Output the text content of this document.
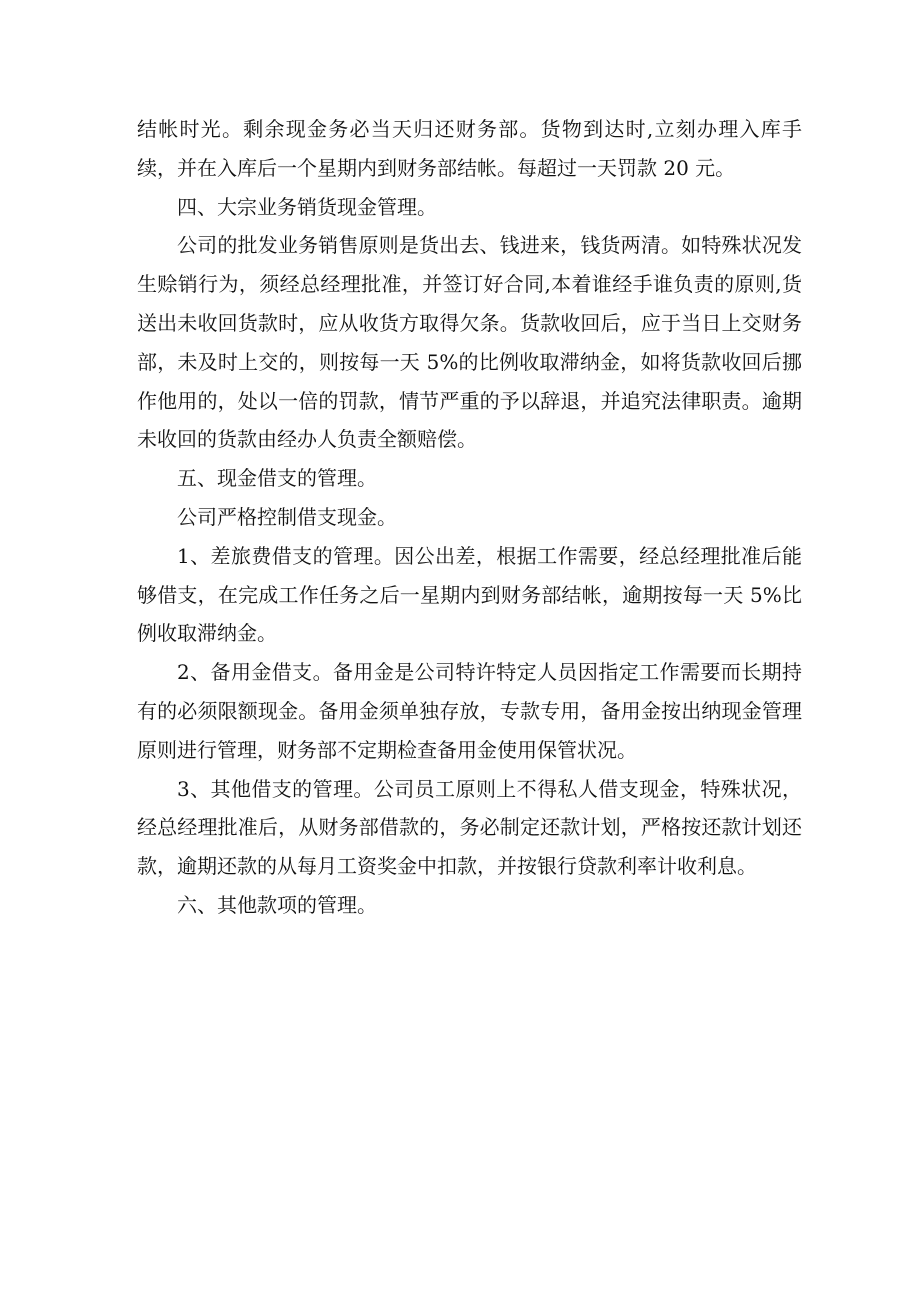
结帐时光。剩余现金务必当天归还财务部。货物到达时,立刻办理入库手续，并在入库后一个星期内到财务部结帐。每超过一天罚款 20 元。

四、大宗业务销货现金管理。

公司的批发业务销售原则是货出去、钱进来，钱货两清。如特殊状况发生赊销行为，须经总经理批准，并签订好合同,本着谁经手谁负责的原则,货送出未收回货款时，应从收货方取得欠条。货款收回后，应于当日上交财务部，未及时上交的，则按每一天 5%的比例收取滞纳金，如将货款收回后挪作他用的，处以一倍的罚款，情节严重的予以辞退，并追究法律职责。逾期未收回的货款由经办人负责全额赔偿。

五、现金借支的管理。

公司严格控制借支现金。

1、差旅费借支的管理。因公出差，根据工作需要，经总经理批准后能够借支，在完成工作任务之后一星期内到财务部结帐，逾期按每一天 5%比例收取滞纳金。

2、备用金借支。备用金是公司特许特定人员因指定工作需要而长期持有的必须限额现金。备用金须单独存放，专款专用，备用金按出纳现金管理原则进行管理，财务部不定期检查备用金使用保管状况。

3、其他借支的管理。公司员工原则上不得私人借支现金，特殊状况，经总经理批准后，从财务部借款的，务必制定还款计划，严格按还款计划还款，逾期还款的从每月工资奖金中扣款，并按银行贷款利率计收利息。

六、其他款项的管理。
